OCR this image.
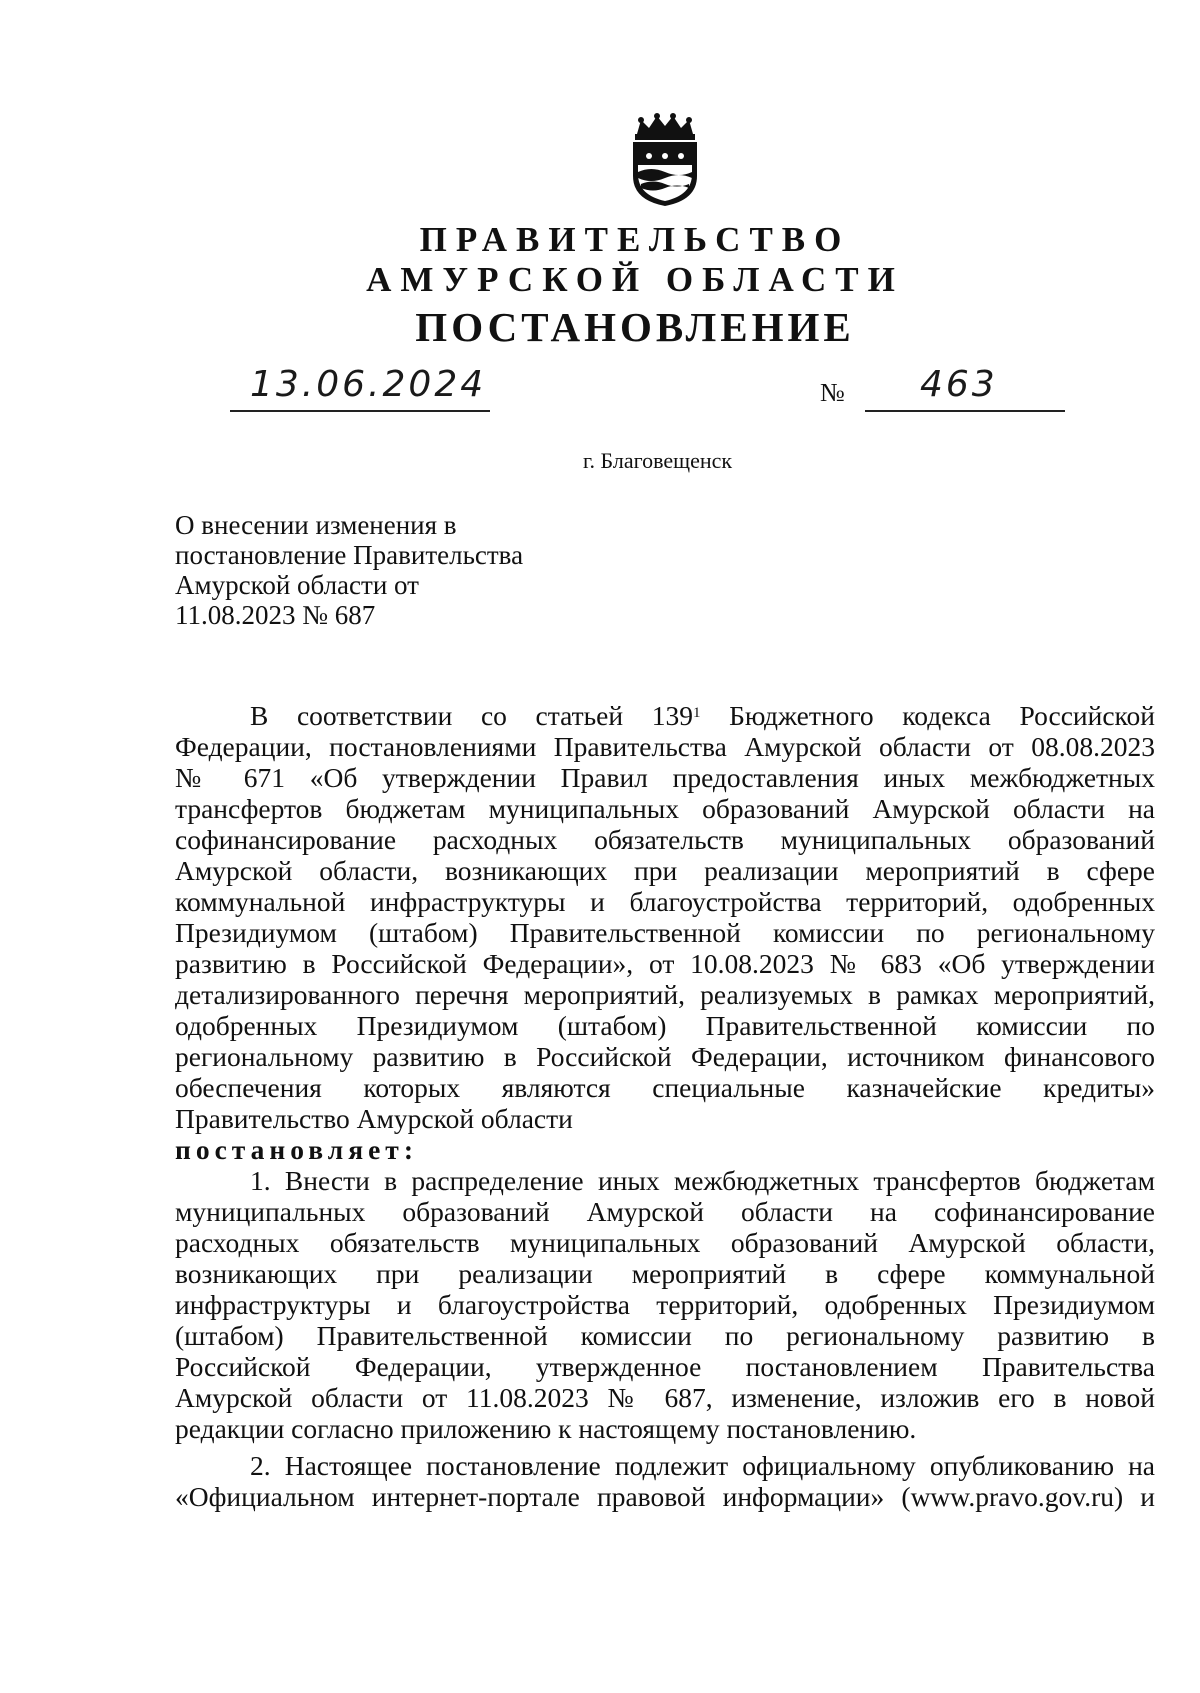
ПРАВИТЕЛЬСТВО
АМУРСКОЙ ОБЛАСТИ
ПОСТАНОВЛЕНИЕ
13.06.2024	№ 463
г. Благовещенск
О внесении изменения в
постановление Правительства
Амурской области от
11.08.2023 № 687
В соответствии со статьей $139^1$ Бюджетного кодекса Российской
Федерации, постановлениями Правительства Амурской области от 08.08.2023
№ 671 «Об утверждении Правил предоставления иных межбюджетных
трансфертов бюджетам муниципальных образований Амурской области на
софинансирование расходных обязательств муниципальных образований
Амурской области, возникающих при реализации мероприятий в сфере
коммунальной инфраструктуры и благоустройства территорий, одобренных
Президиумом (штабом) Правительственной комиссии по региональному
развитию в Российской Федерации», от 10.08.2023 № 683 «Об утверждении
детализированного перечня мероприятий, реализуемых в рамках мероприятий,
одобренных Президиумом (штабом) Правительственной комиссии по
региональному развитию в Российской Федерации, источником финансового
обеспечения которых являются специальные казначейские кредиты»
Правительство Амурской области
постановляет:
1. Внести в распределение иных межбюджетных трансфертов бюджетам
муниципальных образований Амурской области на софинансирование
расходных обязательств муниципальных образований Амурской области,
возникающих при реализации мероприятий в сфере коммунальной
инфраструктуры и благоустройства территорий, одобренных Президиумом
(штабом) Правительственной комиссии по региональному развитию в
Российской Федерации, утвержденное постановлением Правительства
Амурской области от 11.08.2023 № 687, изменение, изложив его в новой
редакции согласно приложению к настоящему постановлению.
2. Настоящее постановление подлежит официальному опубликованию на
«Официальном интернет-портале правовой информации» (www.pravo.gov.ru) и
